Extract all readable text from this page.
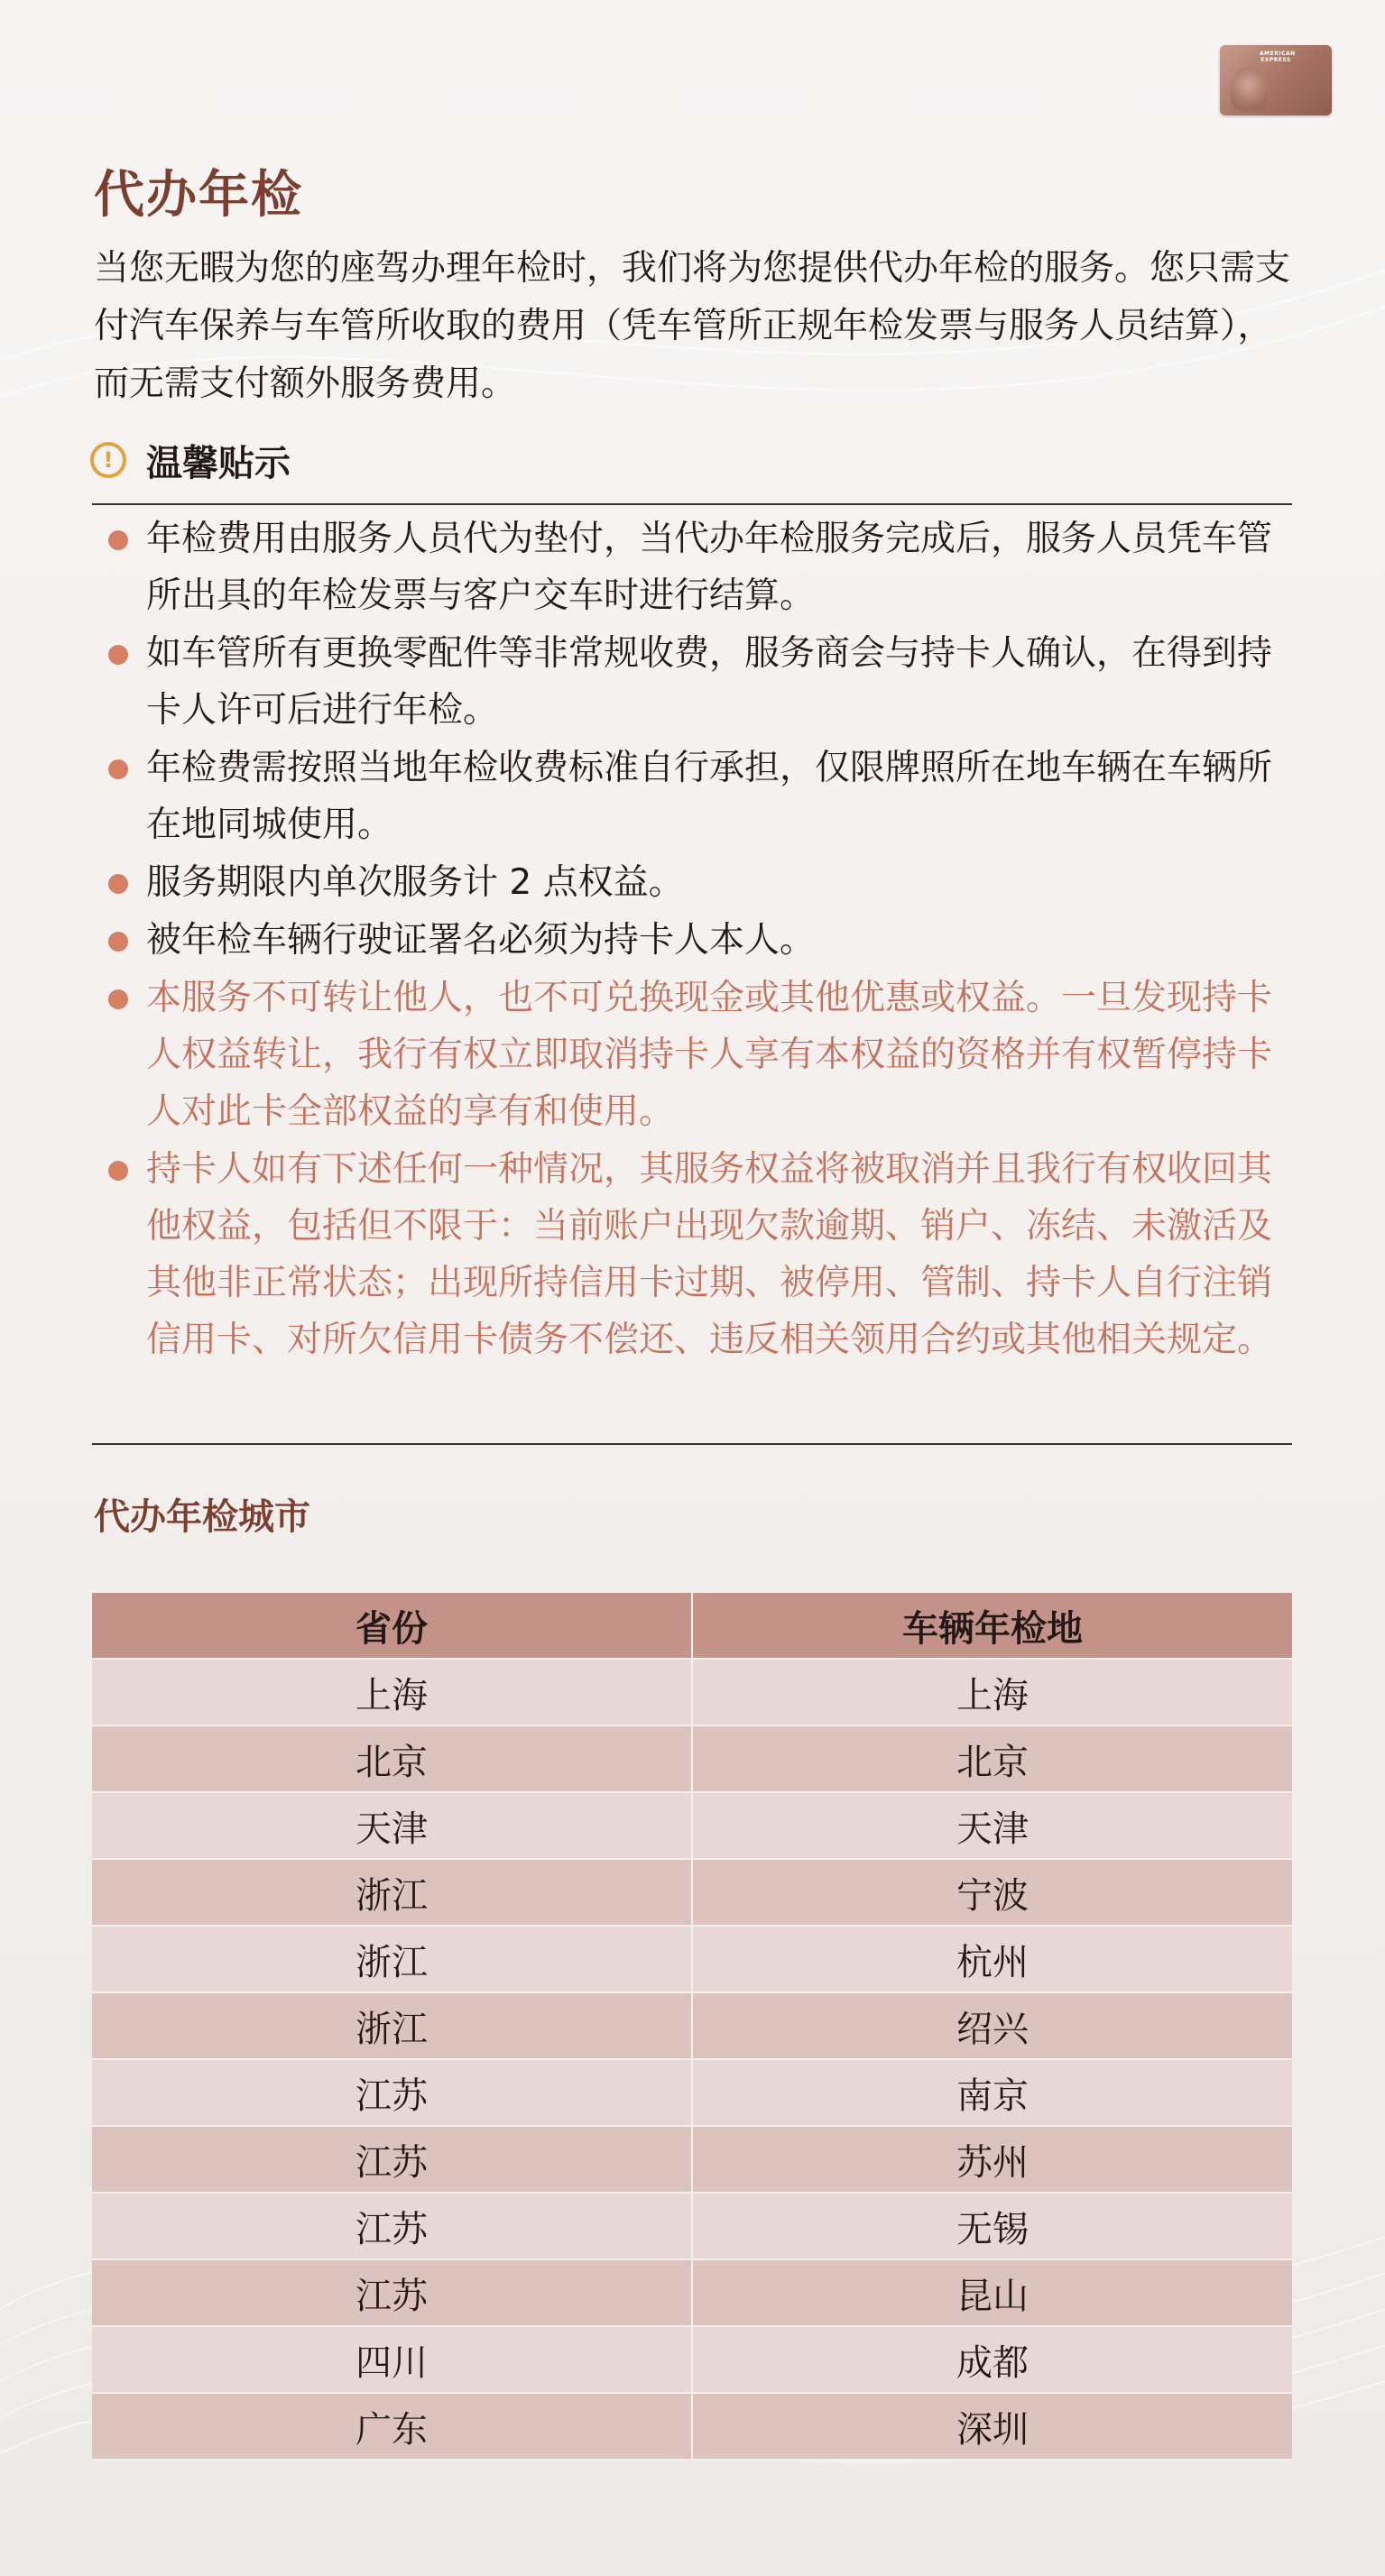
AMERICAN EXPRESS
代办年检

当您无暇为您的座驾办理年检时，我们将为您提供代办年检的服务。您只需支付汽车保养与车管所收取的费用（凭车管所正规年检发票与服务人员结算），而无需支付额外服务费用。

! 温馨贴示
年检费用由服务人员代为垫付，当代办年检服务完成后，服务人员凭车管所出具的年检发票与客户交车时进行结算。
如车管所有更换零配件等非常规收费，服务商会与持卡人确认，在得到持卡人许可后进行年检。
年检费需按照当地年检收费标准自行承担，仅限牌照所在地车辆在车辆所在地同城使用。
服务期限内单次服务计 2 点权益。
被年检车辆行驶证署名必须为持卡人本人。
本服务不可转让他人，也不可兑换现金或其他优惠或权益。一旦发现持卡人权益转让，我行有权立即取消持卡人享有本权益的资格并有权暂停持卡人对此卡全部权益的享有和使用。
持卡人如有下述任何一种情况，其服务权益将被取消并且我行有权收回其他权益，包括但不限于：当前账户出现欠款逾期、销户、冻结、未激活及其他非正常状态；出现所持信用卡过期、被停用、管制、持卡人自行注销信用卡、对所欠信用卡债务不偿还、违反相关领用合约或其他相关规定。
代办年检城市
省份	车辆年检地
上海	上海
北京	北京
天津	天津
浙江	宁波
浙江	杭州
浙江	绍兴
江苏	南京
江苏	苏州
江苏	无锡
江苏	昆山
四川	成都
广东	深圳
